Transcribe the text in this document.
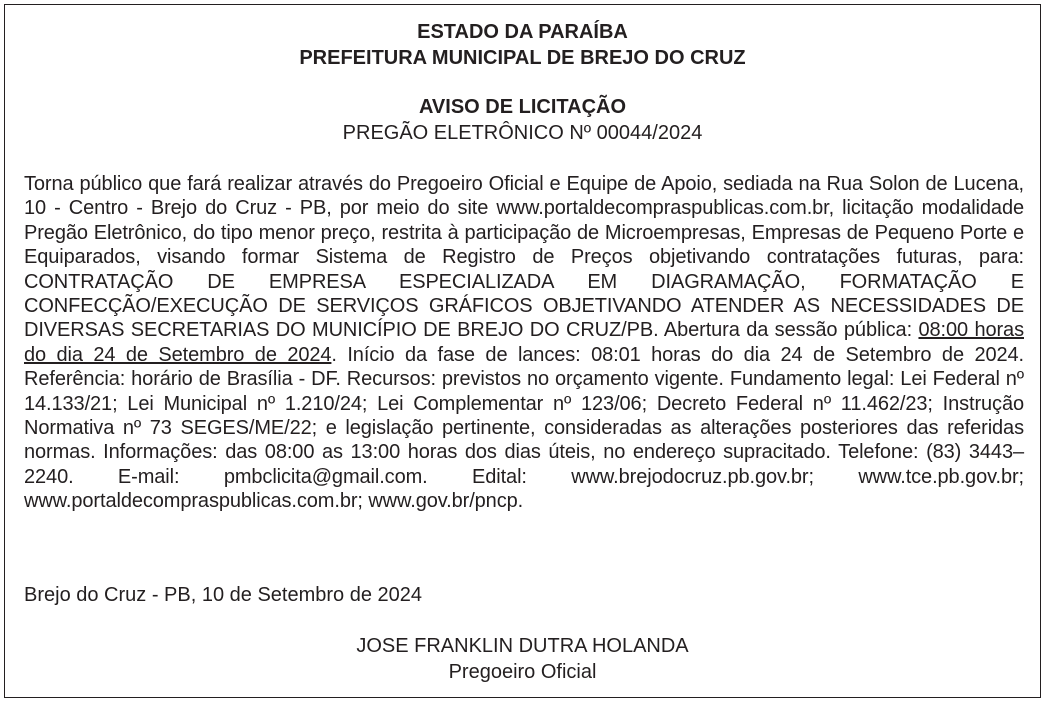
ESTADO DA PARAÍBA
PREFEITURA MUNICIPAL DE BREJO DO CRUZ
AVISO DE LICITAÇÃO
PREGÃO ELETRÔNICO Nº 00044/2024
Torna público que fará realizar através do Pregoeiro Oficial e Equipe de Apoio, sediada na Rua Solon de Lucena, 10 - Centro - Brejo do Cruz - PB, por meio do site www.portaldecompraspublicas.com.br, licitação modalidade Pregão Eletrônico, do tipo menor preço, restrita à participação de Microempresas, Empresas de Pequeno Porte e Equiparados, visando formar Sistema de Registro de Preços objetivando contratações futuras, para: CONTRATAÇÃO DE EMPRESA ESPECIALIZADA EM DIAGRAMAÇÃO, FORMATAÇÃO E CONFECÇÃO/EXECUÇÃO DE SERVIÇOS GRÁFICOS OBJETIVANDO ATENDER AS NECESSIDADES DE DIVERSAS SECRETARIAS DO MUNICÍPIO DE BREJO DO CRUZ/PB. Abertura da sessão pública: 08:00 horas do dia 24 de Setembro de 2024. Início da fase de lances: 08:01 horas do dia 24 de Setembro de 2024. Referência: horário de Brasília - DF. Recursos: previstos no orçamento vigente. Fundamento legal: Lei Federal nº 14.133/21; Lei Municipal nº 1.210/24; Lei Complementar nº 123/06; Decreto Federal nº 11.462/23; Instrução Normativa nº 73 SEGES/ME/22; e legislação pertinente, consideradas as alterações posteriores das referidas normas. Informações: das 08:00 as 13:00 horas dos dias úteis, no endereço supracitado. Telefone: (83) 3443–2240. E-mail: pmbclicita@gmail.com. Edital: www.brejodocruz.pb.gov.br; www.tce.pb.gov.br; www.portaldecompraspublicas.com.br; www.gov.br/pncp.
Brejo do Cruz - PB, 10 de Setembro de 2024
JOSE FRANKLIN DUTRA HOLANDA
Pregoeiro Oficial
